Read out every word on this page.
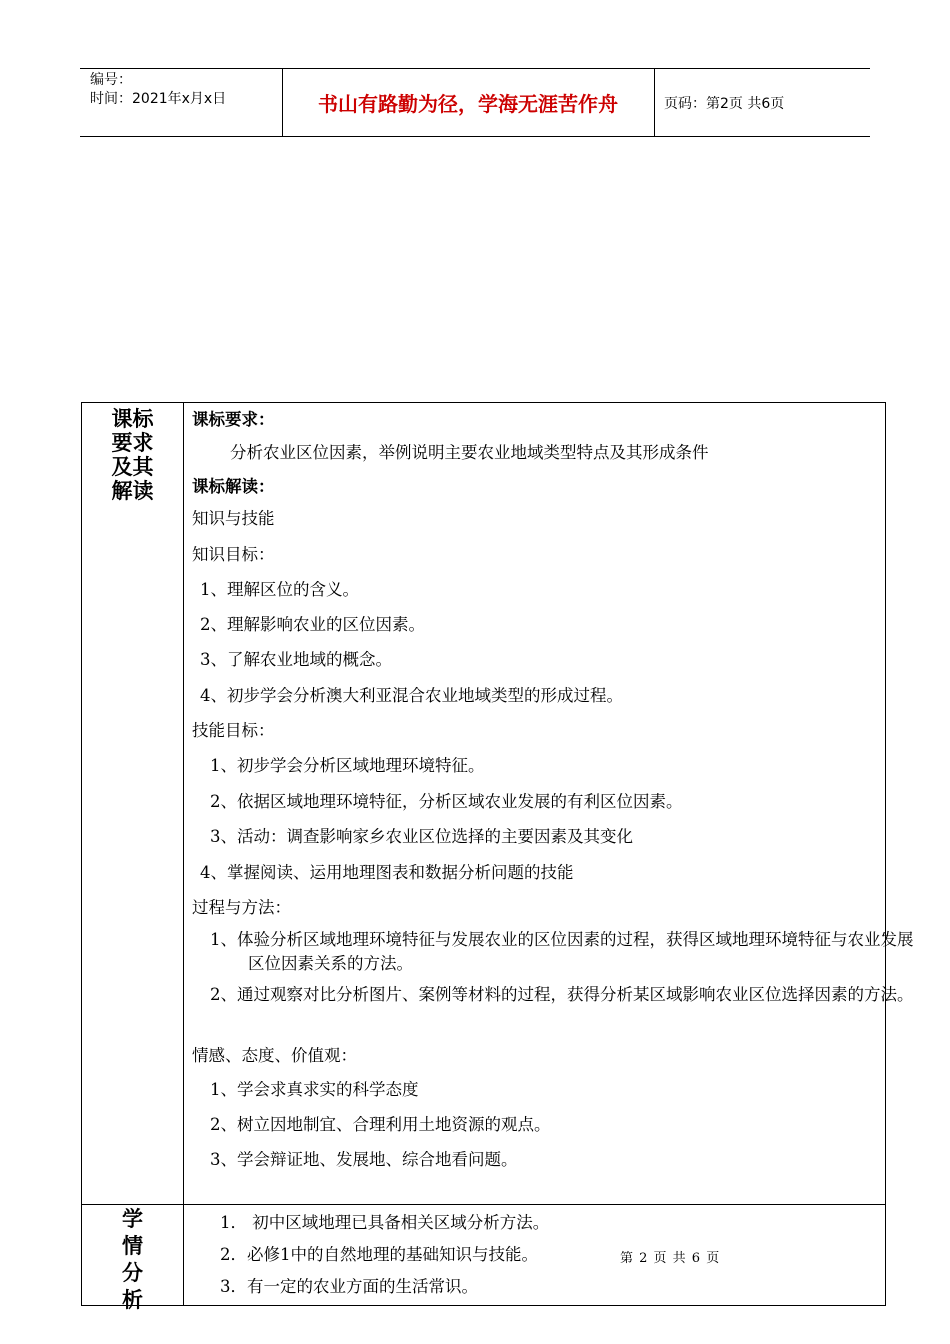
编号：
时间：2021年x月x日	书山有路勤为径，学海无涯苦作舟	页码：第2页 共6页
课标
要求
及其
解读
学
情
分
析
课标要求：
分析农业区位因素，举例说明主要农业地域类型特点及其形成条件
课标解读：
知识与技能
知识目标：
1、理解区位的含义。
2、理解影响农业的区位因素。
3、了解农业地域的概念。
4、初步学会分析澳大利亚混合农业地域类型的形成过程。
技能目标：
1、初步学会分析区域地理环境特征。
2、依据区域地理环境特征，分析区域农业发展的有利区位因素。
3、活动：调查影响家乡农业区位选择的主要因素及其变化
4、掌握阅读、运用地理图表和数据分析问题的技能
过程与方法：
1、体验分析区域地理环境特征与发展农业的区位因素的过程，获得区域地理环境特征与农业发展区位因素关系的方法。
2、通过观察对比分析图片、案例等材料的过程，获得分析某区域影响农业区位选择因素的方法。
情感、态度、价值观：
1、学会求真求实的科学态度
2、树立因地制宜、合理利用土地资源的观点。
3、学会辩证地、发展地、综合地看问题。
1． 初中区域地理已具备相关区域分析方法。
2．必修1中的自然地理的基础知识与技能。
3．有一定的农业方面的生活常识。
第 2 页 共 6 页
